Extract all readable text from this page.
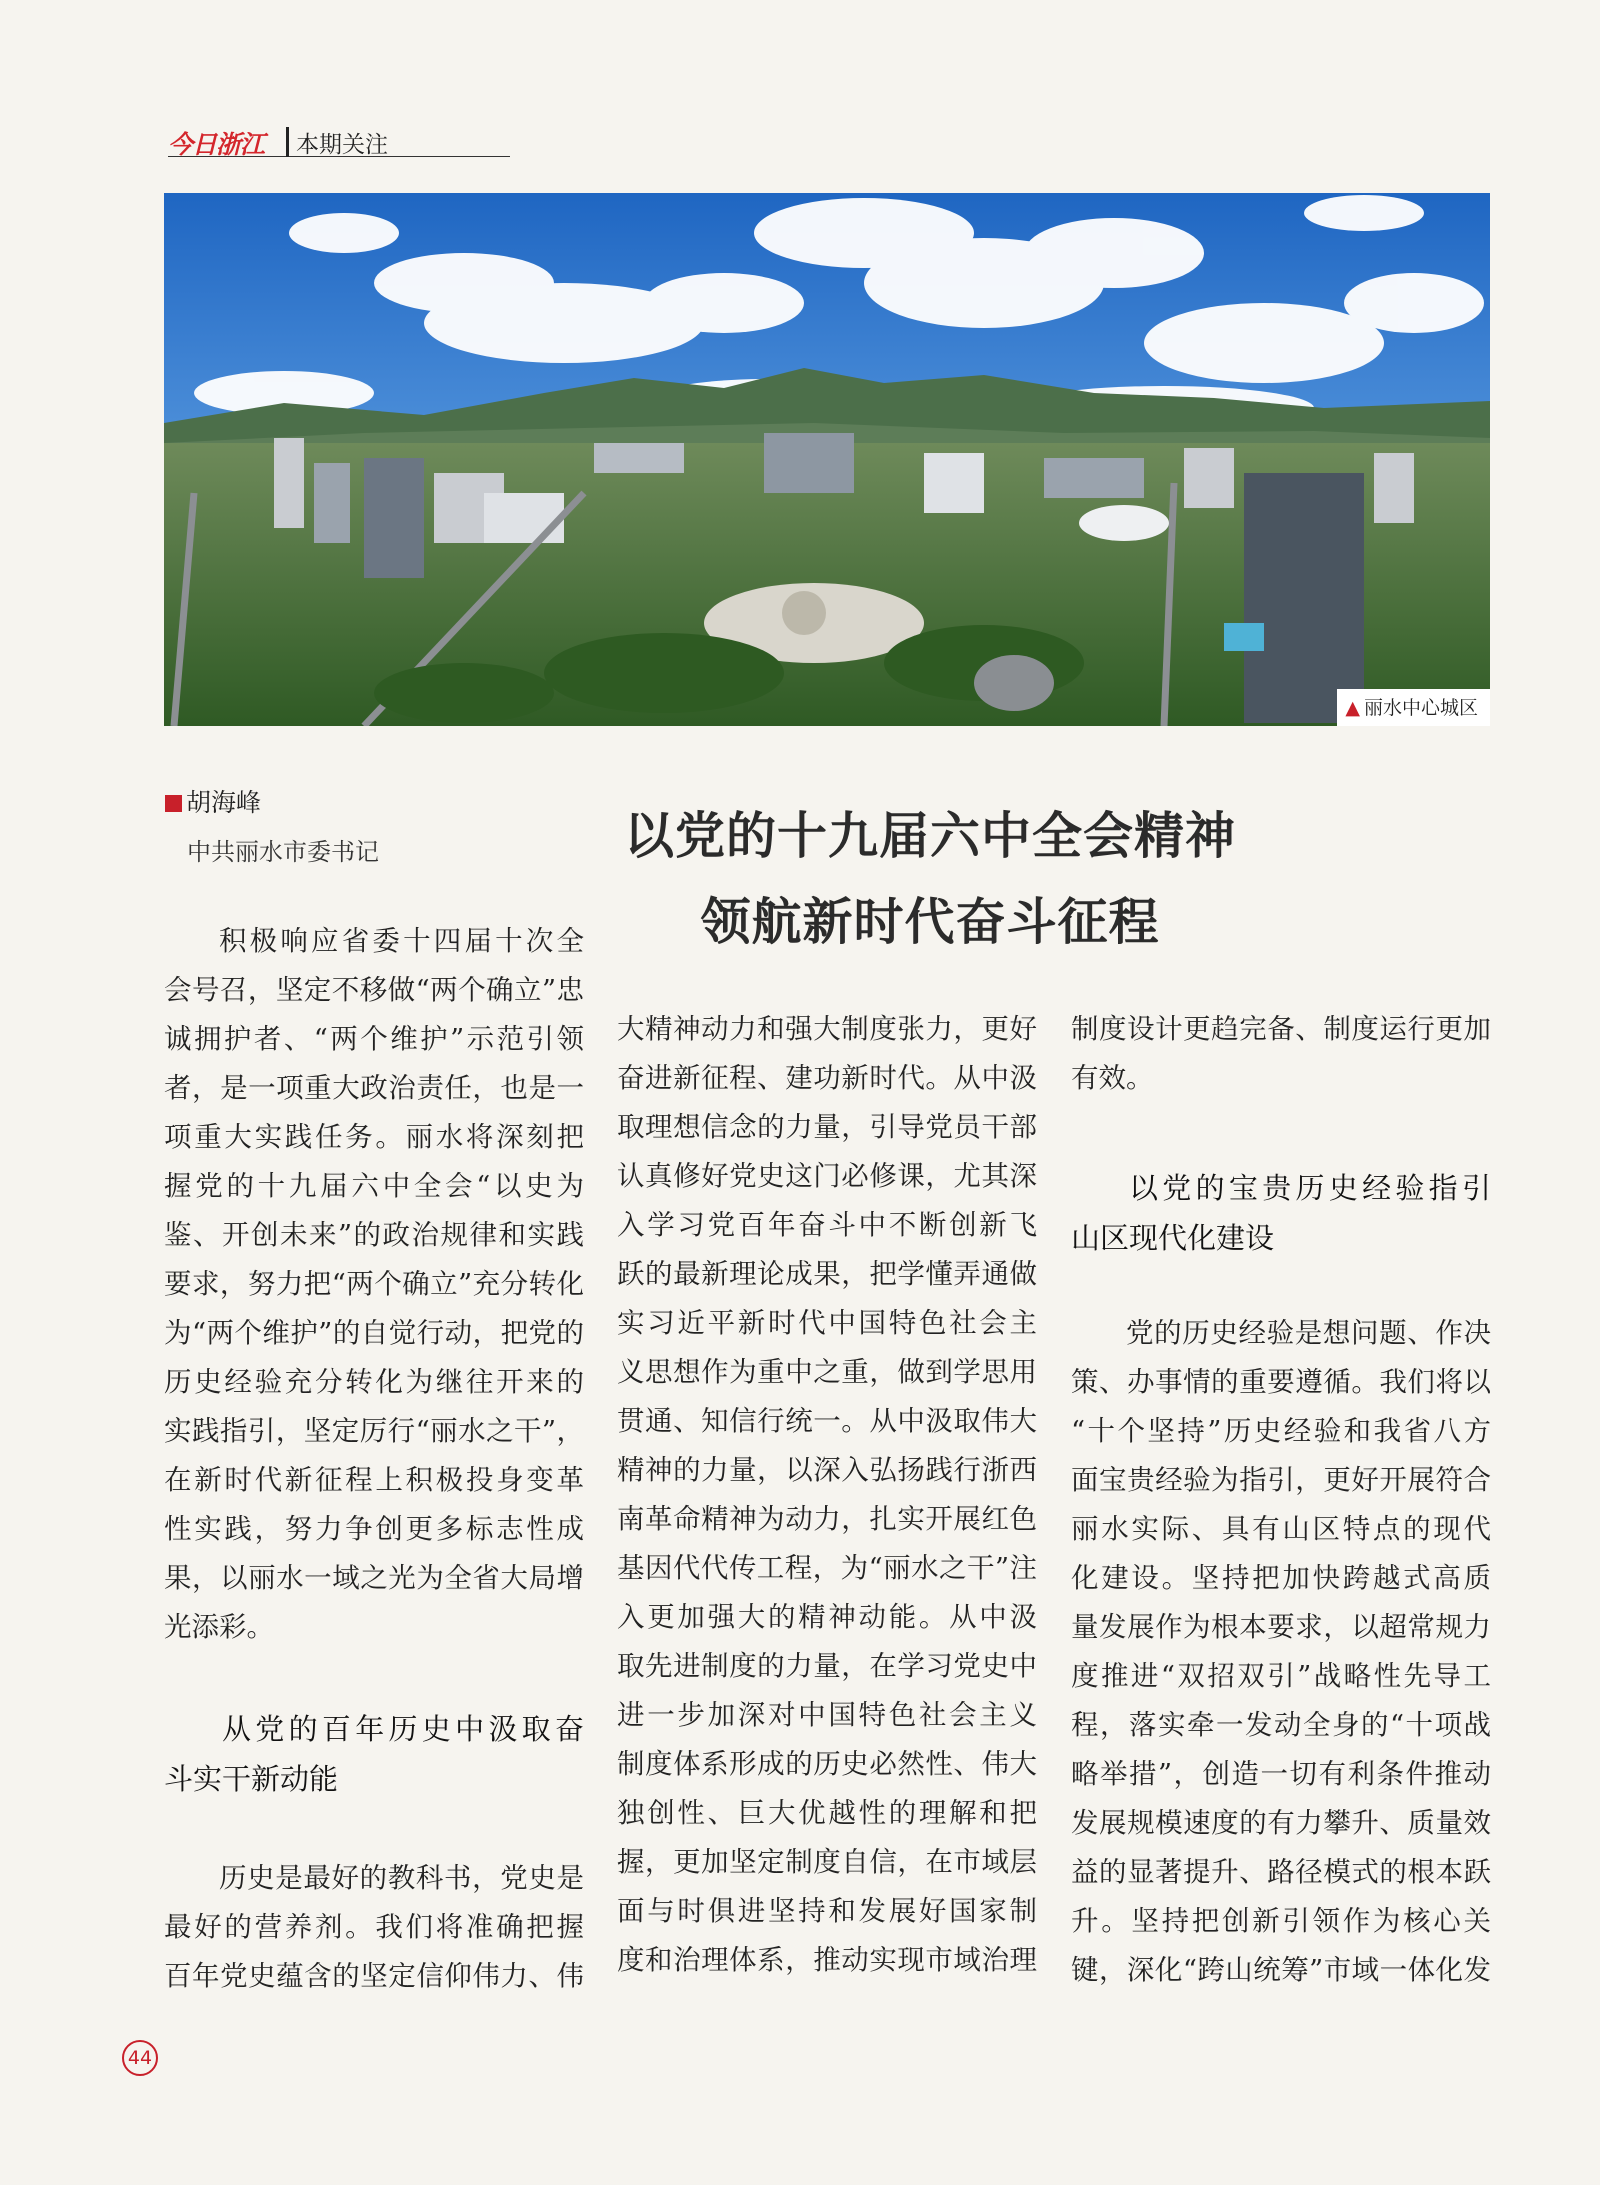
今日浙江 本期关注
▲ 丽水中心城区
胡海峰
中共丽水市委书记	以党的十九届六中全会精神
领航新时代奋斗征程

积极响应省委十四届十次全

会号召，坚定不移做“两个确立”忠

诚拥护者、“两个维护”示范引领

者，是一项重大政治责任，也是一

项重大实践任务。丽水将深刻把

握党的十九届六中全会“以史为

鉴、开创未来”的政治规律和实践

要求，努力把“两个确立”充分转化

为“两个维护”的自觉行动，把党的

历史经验充分转化为继往开来的

实践指引，坚定厉行“丽水之干”，

在新时代新征程上积极投身变革

性实践，努力争创更多标志性成

果，以丽水一域之光为全省大局增

光添彩。

从党的百年历史中汲取奋

斗实干新动能

历史是最好的教科书，党史是

最好的营养剂。我们将准确把握

百年党史蕴含的坚定信仰伟力、伟

大精神动力和强大制度张力，更好

奋进新征程、建功新时代。从中汲

取理想信念的力量，引导党员干部

认真修好党史这门必修课，尤其深

入学习党百年奋斗中不断创新飞

跃的最新理论成果，把学懂弄通做

实习近平新时代中国特色社会主

义思想作为重中之重，做到学思用

贯通、知信行统一。从中汲取伟大

精神的力量，以深入弘扬践行浙西

南革命精神为动力，扎实开展红色

基因代代传工程，为“丽水之干”注

入更加强大的精神动能。从中汲

取先进制度的力量，在学习党史中

进一步加深对中国特色社会主义

制度体系形成的历史必然性、伟大

独创性、巨大优越性的理解和把

握，更加坚定制度自信，在市域层

面与时俱进坚持和发展好国家制

度和治理体系，推动实现市域治理

制度设计更趋完备、制度运行更加

有效。

以党的宝贵历史经验指引

山区现代化建设

党的历史经验是想问题、作决

策、办事情的重要遵循。我们将以

“十个坚持”历史经验和我省八方

面宝贵经验为指引，更好开展符合

丽水实际、具有山区特点的现代

化建设。坚持把加快跨越式高质

量发展作为根本要求，以超常规力

度推进“双招双引”战略性先导工

程，落实牵一发动全身的“十项战

略举措”，创造一切有利条件推动

发展规模速度的有力攀升、质量效

益的显著提升、路径模式的根本跃

升。坚持把创新引领作为核心关

键，深化“跨山统筹”市域一体化发

44
